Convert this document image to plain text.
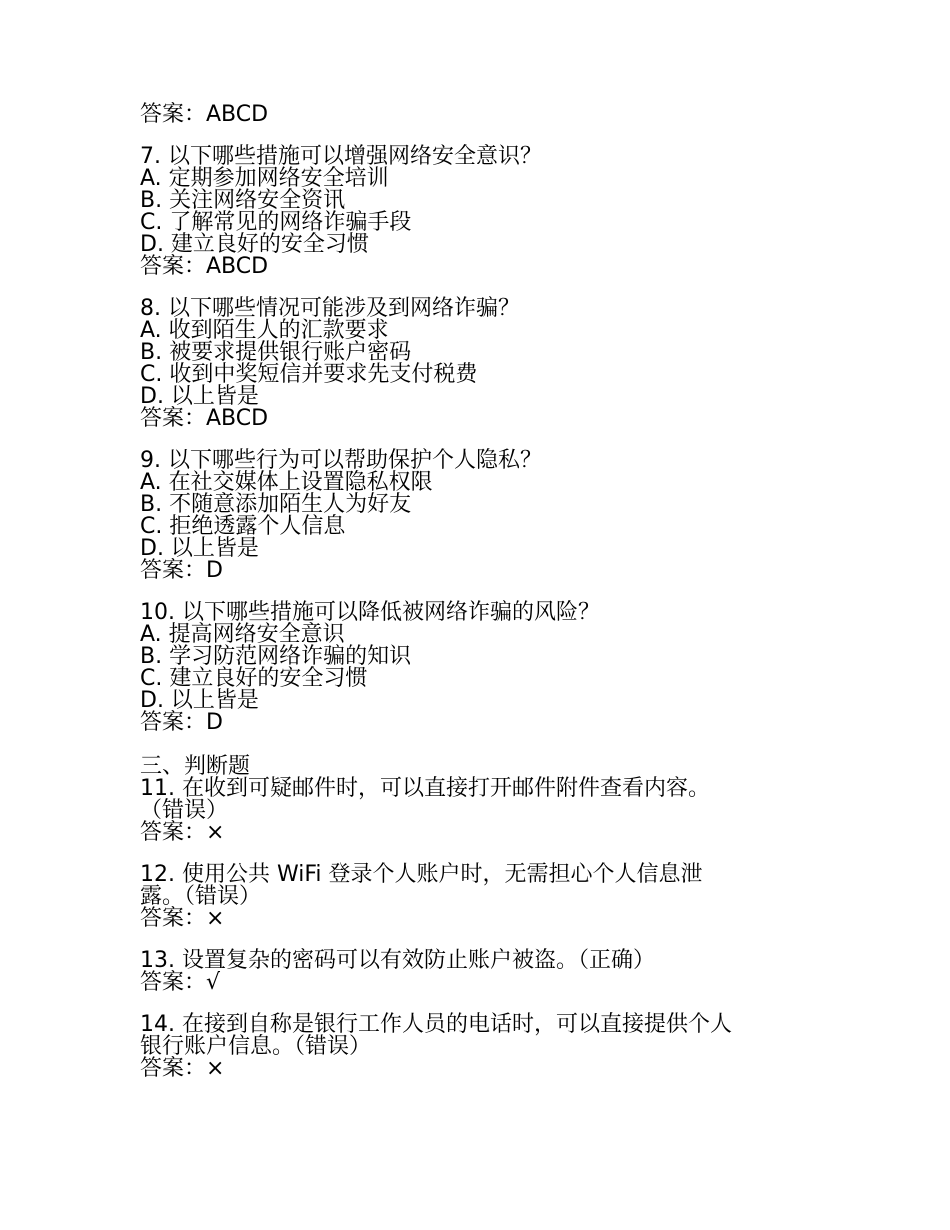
答案：ABCD
7. 以下哪些措施可以增强网络安全意识？
A. 定期参加网络安全培训
B. 关注网络安全资讯
C. 了解常见的网络诈骗手段
D. 建立良好的安全习惯
答案：ABCD
8. 以下哪些情况可能涉及到网络诈骗？
A. 收到陌生人的汇款要求
B. 被要求提供银行账户密码
C. 收到中奖短信并要求先支付税费
D. 以上皆是
答案：ABCD
9. 以下哪些行为可以帮助保护个人隐私？
A. 在社交媒体上设置隐私权限
B. 不随意添加陌生人为好友
C. 拒绝透露个人信息
D. 以上皆是
答案：D
10. 以下哪些措施可以降低被网络诈骗的风险？
A. 提高网络安全意识
B. 学习防范网络诈骗的知识
C. 建立良好的安全习惯
D. 以上皆是
答案：D
三、判断题
11. 在收到可疑邮件时，可以直接打开邮件附件查看内容。
（错误）
答案：×
12. 使用公共 WiFi 登录个人账户时，无需担心个人信息泄
露。（错误）
答案：×
13. 设置复杂的密码可以有效防止账户被盗。（正确）
答案：√
14. 在接到自称是银行工作人员的电话时，可以直接提供个人
银行账户信息。（错误）
答案：×
